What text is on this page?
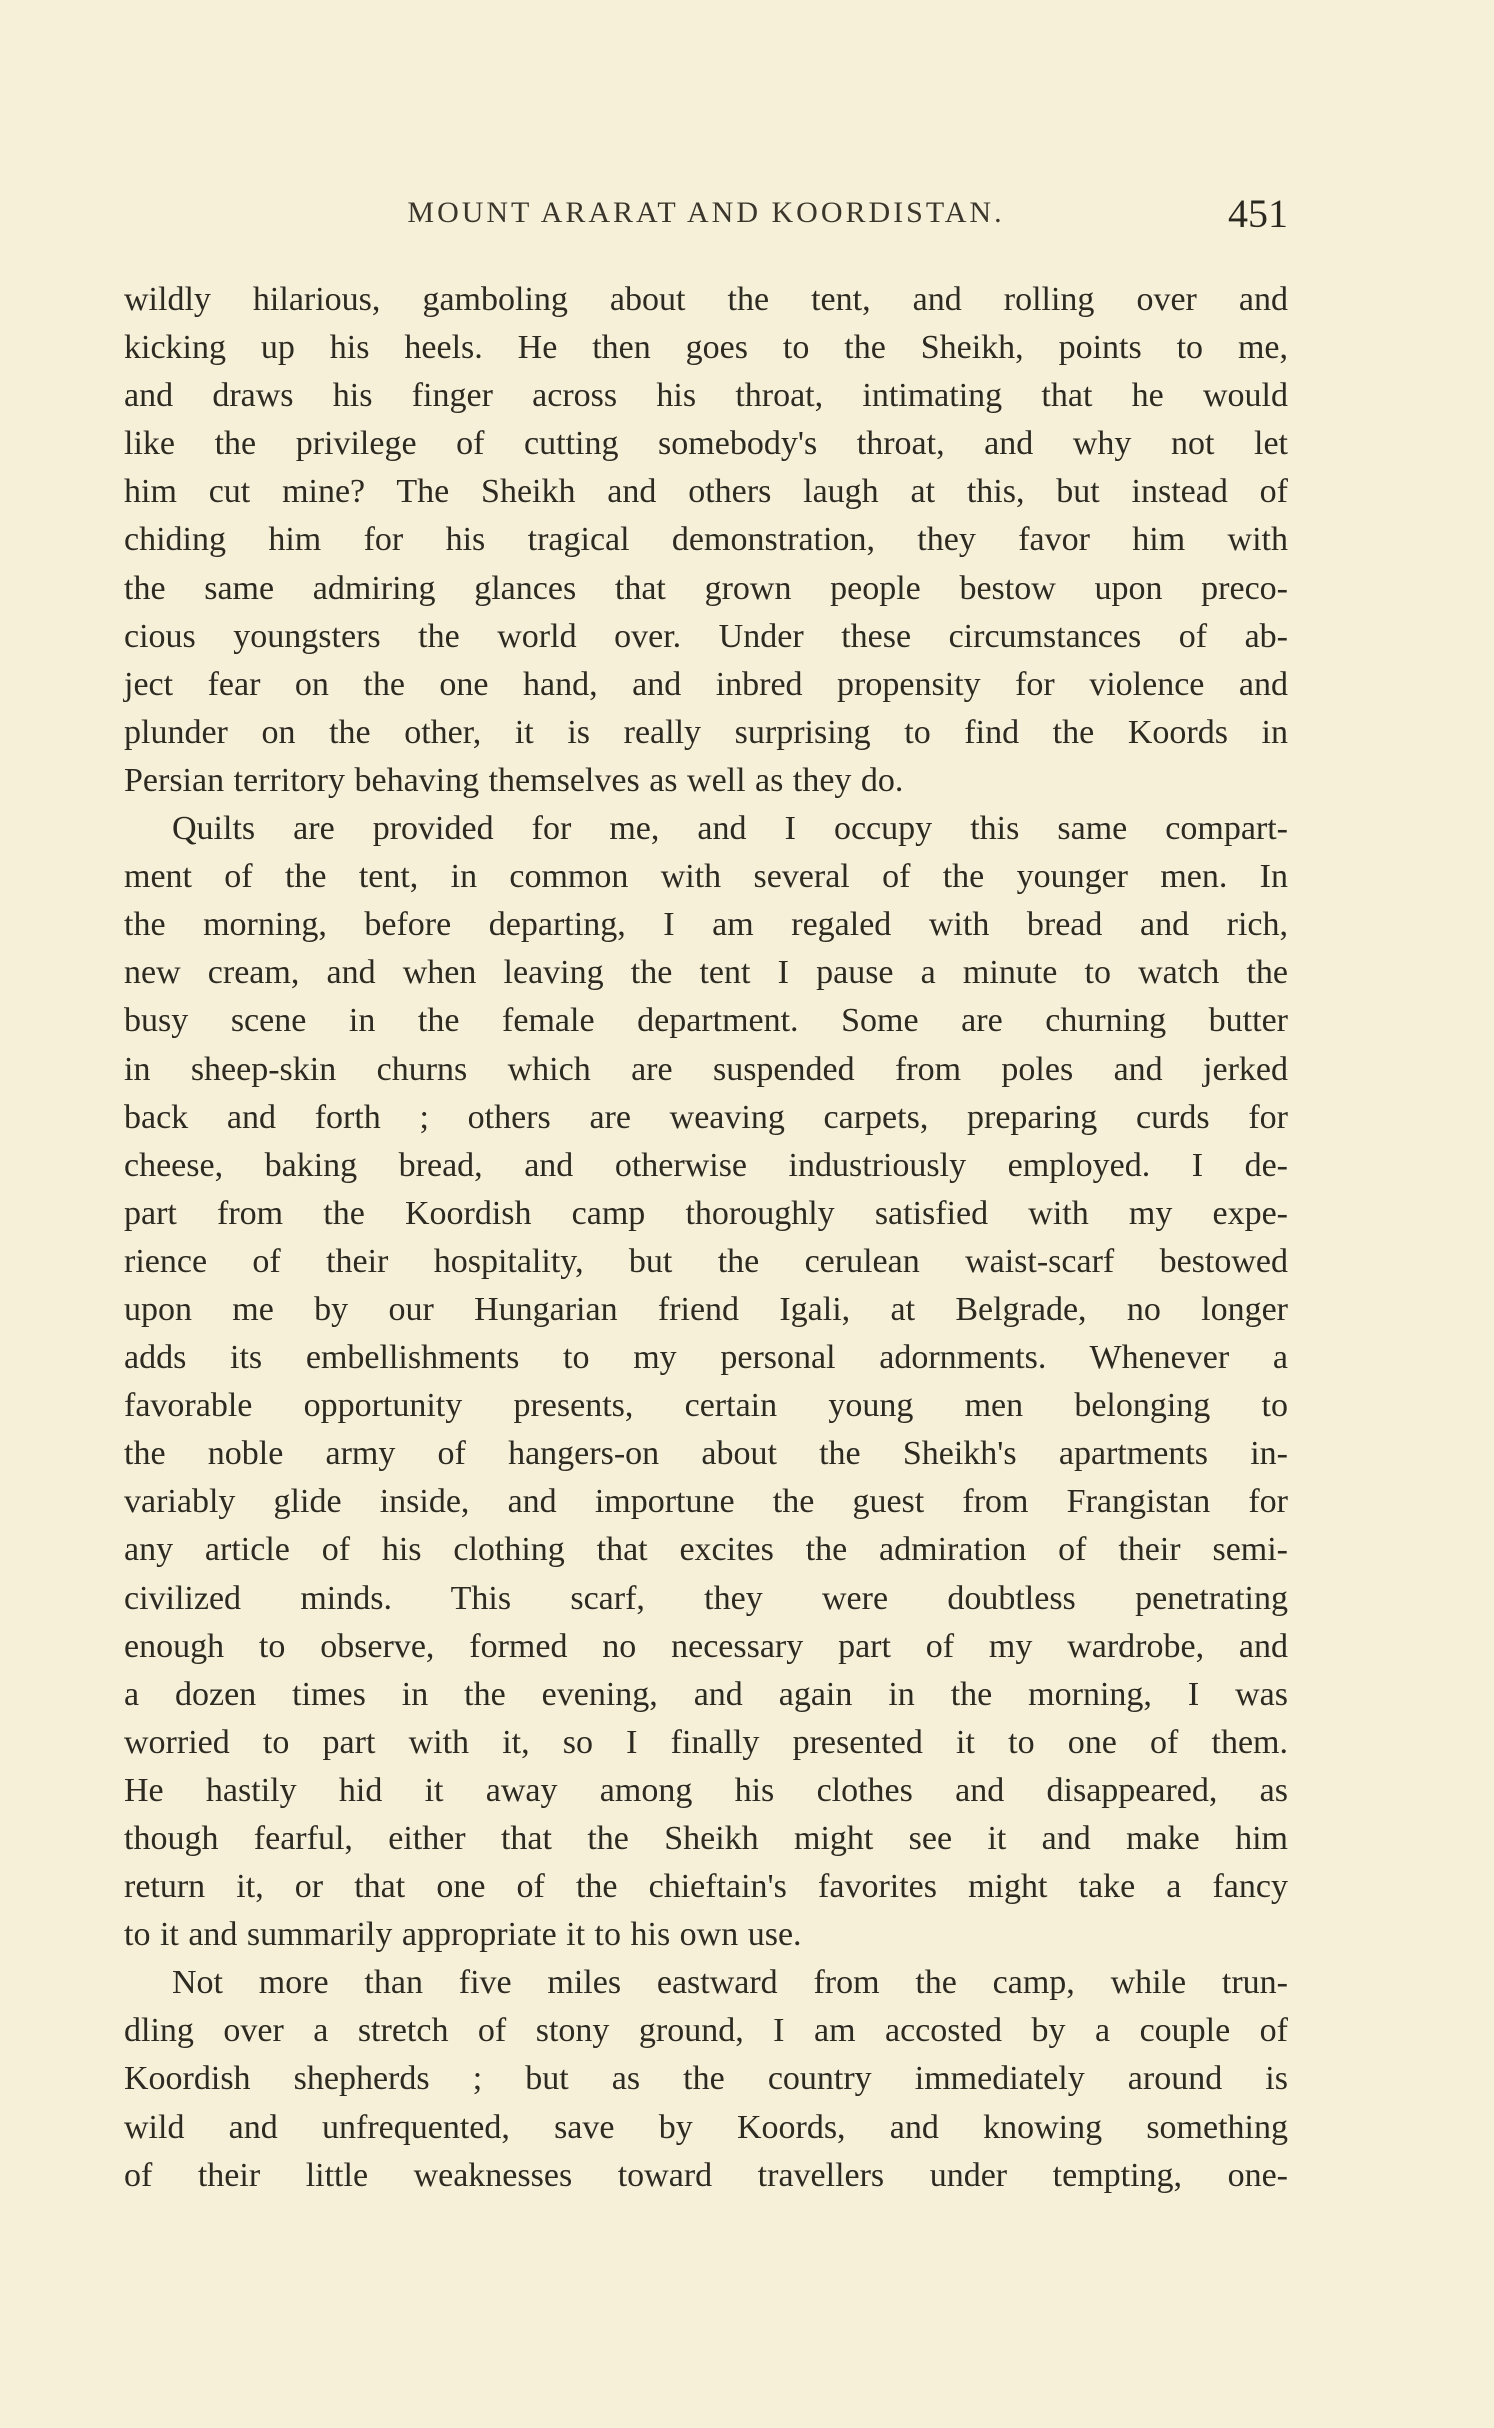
MOUNT ARARAT AND KOORDISTAN.	451
wildly hilarious, gamboling about the tent, and rolling over and
kicking up his heels. He then goes to the Sheikh, points to me,
and draws his finger across his throat, intimating that he would
like the privilege of cutting somebody's throat, and why not let
him cut mine? The Sheikh and others laugh at this, but instead of
chiding him for his tragical demonstration, they favor him with
the same admiring glances that grown people bestow upon preco-
cious youngsters the world over. Under these circumstances of ab-
ject fear on the one hand, and inbred propensity for violence and
plunder on the other, it is really surprising to find the Koords in
Persian territory behaving themselves as well as they do.
Quilts are provided for me, and I occupy this same compart-
ment of the tent, in common with several of the younger men. In
the morning, before departing, I am regaled with bread and rich,
new cream, and when leaving the tent I pause a minute to watch the
busy scene in the female department. Some are churning butter
in sheep-skin churns which are suspended from poles and jerked
back and forth ; others are weaving carpets, preparing curds for
cheese, baking bread, and otherwise industriously employed. I de-
part from the Koordish camp thoroughly satisfied with my expe-
rience of their hospitality, but the cerulean waist-scarf bestowed
upon me by our Hungarian friend Igali, at Belgrade, no longer
adds its embellishments to my personal adornments. Whenever a
favorable opportunity presents, certain young men belonging to
the noble army of hangers-on about the Sheikh's apartments in-
variably glide inside, and importune the guest from Frangistan for
any article of his clothing that excites the admiration of their semi-
civilized minds. This scarf, they were doubtless penetrating
enough to observe, formed no necessary part of my wardrobe, and
a dozen times in the evening, and again in the morning, I was
worried to part with it, so I finally presented it to one of them.
He hastily hid it away among his clothes and disappeared, as
though fearful, either that the Sheikh might see it and make him
return it, or that one of the chieftain's favorites might take a fancy
to it and summarily appropriate it to his own use.
Not more than five miles eastward from the camp, while trun-
dling over a stretch of stony ground, I am accosted by a couple of
Koordish shepherds ; but as the country immediately around is
wild and unfrequented, save by Koords, and knowing something
of their little weaknesses toward travellers under tempting, one-
